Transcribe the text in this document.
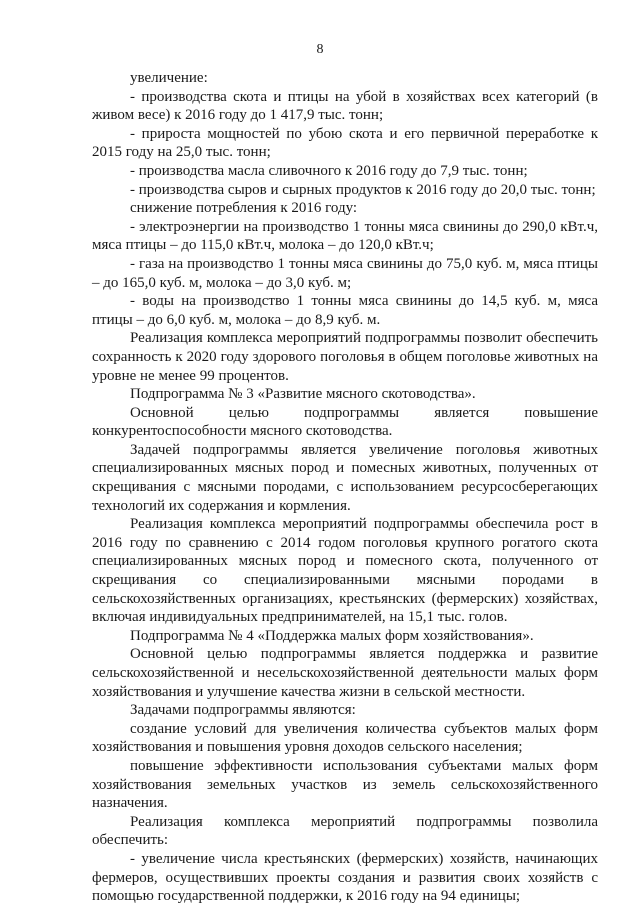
8

увеличение:

- производства скота и птицы на убой в хозяйствах всех категорий (в живом весе) к 2016 году до 1 417,9 тыс. тонн;

- прироста мощностей по убою скота и его первичной переработке к 2015 году на 25,0 тыс. тонн;

- производства масла сливочного к 2016 году до 7,9 тыс. тонн;

- производства сыров и сырных продуктов к 2016 году до 20,0 тыс. тонн;

снижение потребления к 2016 году:

- электроэнергии на производство 1 тонны мяса свинины до 290,0 кВт.ч, мяса птицы – до 115,0 кВт.ч, молока – до 120,0 кВт.ч;

- газа на производство 1 тонны мяса свинины до 75,0 куб. м, мяса птицы – до 165,0 куб. м, молока – до 3,0 куб. м;

- воды на производство 1 тонны мяса свинины до 14,5 куб. м, мяса птицы – до 6,0 куб. м, молока – до 8,9 куб. м.

Реализация комплекса мероприятий подпрограммы позволит обеспечить сохранность к 2020 году здорового поголовья в общем поголовье животных на уровне не менее 99 процентов.

Подпрограмма № 3 «Развитие мясного скотоводства».

Основной целью подпрограммы является повышение конкурентоспособности мясного скотоводства.

Задачей подпрограммы является увеличение поголовья животных специализированных мясных пород и помесных животных, полученных от скрещивания с мясными породами, с использованием ресурсосберегающих технологий их содержания и кормления.

Реализация комплекса мероприятий подпрограммы обеспечила рост в 2016 году по сравнению с 2014 годом поголовья крупного рогатого скота специализированных мясных пород и помесного скота, полученного от скрещивания со специализированными мясными породами в сельскохозяйственных организациях, крестьянских (фермерских) хозяйствах, включая индивидуальных предпринимателей, на 15,1 тыс. голов.

Подпрограмма № 4 «Поддержка малых форм хозяйствования».

Основной целью подпрограммы является поддержка и развитие сельскохозяйственной и несельскохозяйственной деятельности малых форм хозяйствования и улучшение качества жизни в сельской местности.

Задачами подпрограммы являются:

создание условий для увеличения количества субъектов малых форм хозяйствования и повышения уровня доходов сельского населения;

повышение эффективности использования субъектами малых форм хозяйствования земельных участков из земель сельскохозяйственного назначения.

Реализация комплекса мероприятий подпрограммы позволила обеспечить:

- увеличение числа крестьянских (фермерских) хозяйств, начинающих фермеров, осуществивших проекты создания и развития своих хозяйств с помощью государственной поддержки, к 2016 году на 94 единицы;
